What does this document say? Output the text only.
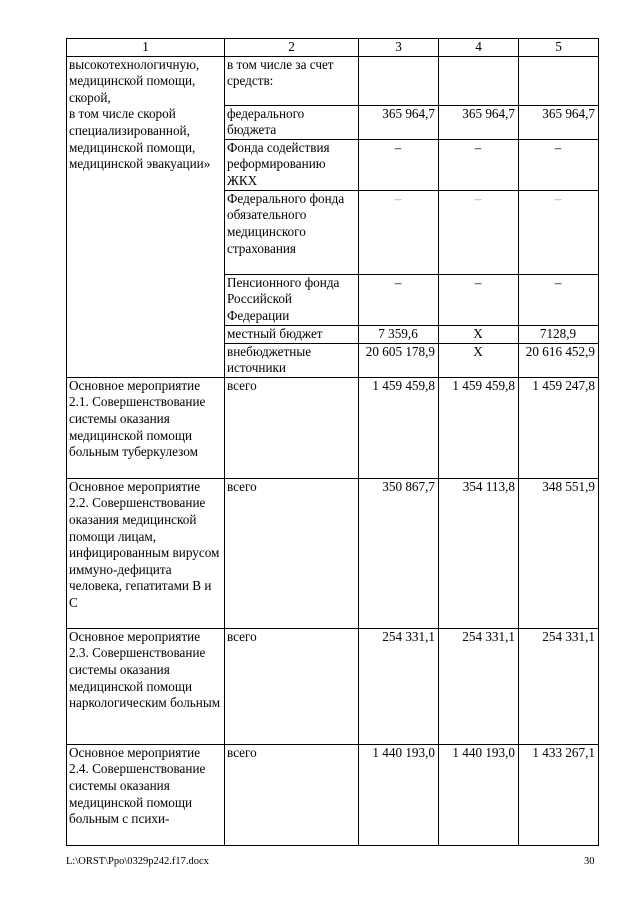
1	2	3	4	5
высокотехнологичную, медицинской помощи, скорой,
в том числе скорой специализированной, медицинской помощи, медицинской эвакуации»	в том числе за счет средств:			
	федерального бюджета	365 964,7	365 964,7	365 964,7
	Фонда содействия реформированию ЖКХ	–	–	–
	Федерального фонда обязательного медицинского страхования	–	–	–
	Пенсионного фонда Российской Федерации	–	–	–
	местный бюджет	7 359,6	Х	7128,9
	внебюджетные источники	20 605 178,9	Х	20 616 452,9
Основное мероприятие 2.1. Совершенствование системы оказания медицинской помощи больным туберкулезом	всего	1 459 459,8	1 459 459,8	1 459 247,8
Основное мероприятие 2.2. Совершенствование оказания медицинской помощи лицам, инфицированным вирусом иммуно-дефицита человека, гепатитами В и С	всего	350 867,7	354 113,8	348 551,9
Основное мероприятие 2.3. Совершенствование системы оказания медицинской помощи наркологическим больным	всего	254 331,1	254 331,1	254 331,1
Основное мероприятие 2.4. Совершенствование системы оказания медицинской помощи больным с психи-	всего	1 440 193,0	1 440 193,0	1 433 267,1
L:\ORST\Ppo\0329p242.f17.docx	30
